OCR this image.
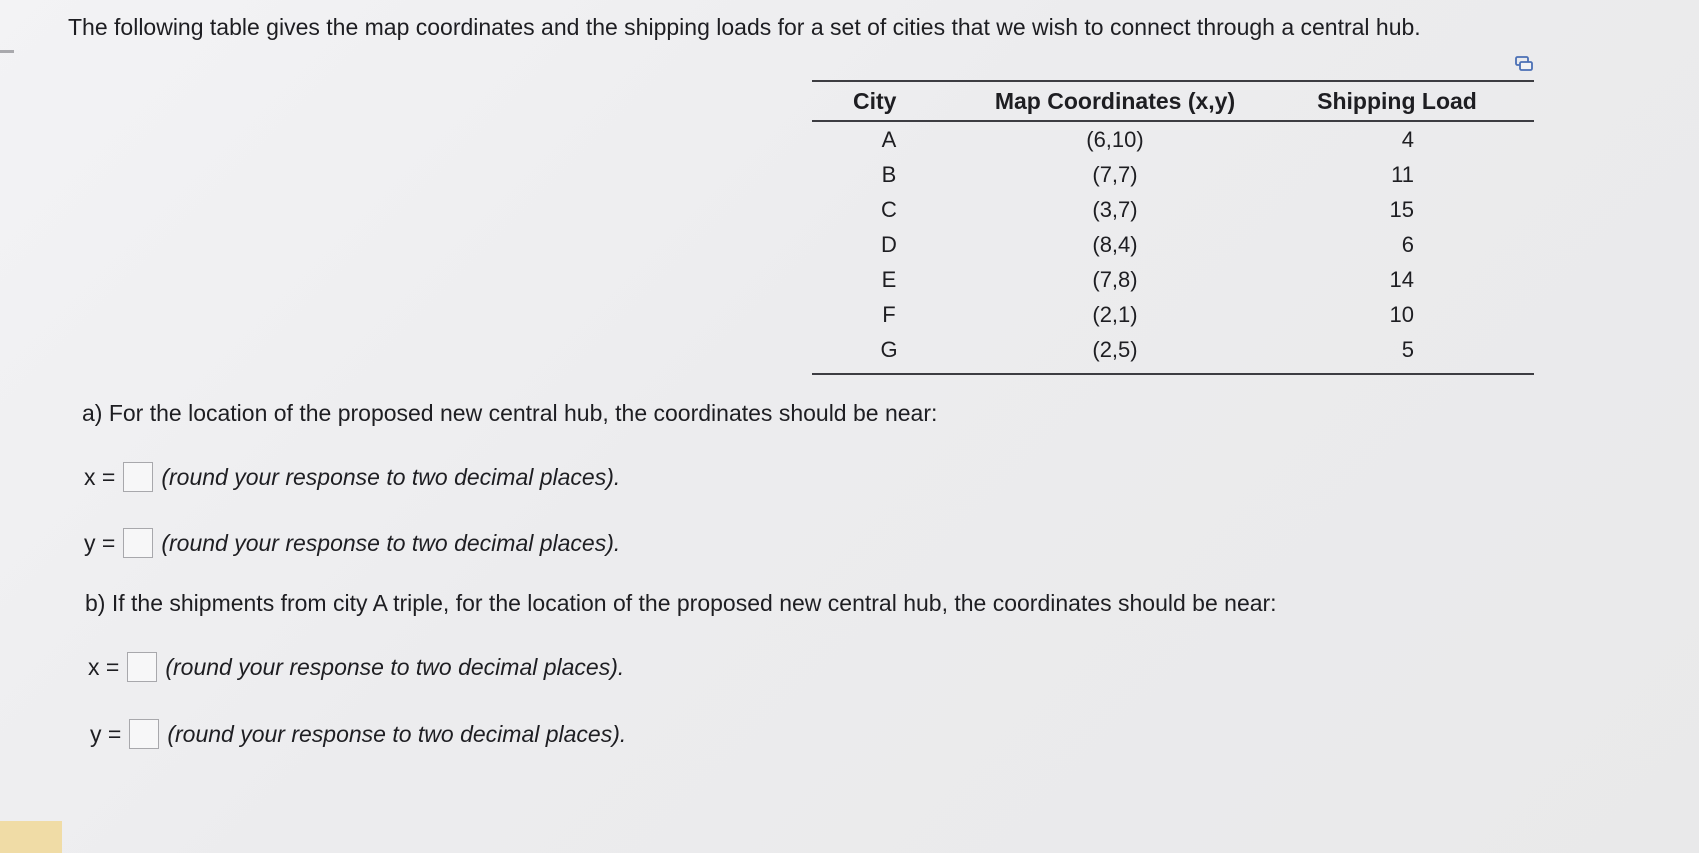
The following table gives the map coordinates and the shipping loads for a set of cities that we wish to connect through a central hub.
City	Map Coordinates (x,y)	Shipping Load
A	(6,10)	4
B	(7,7)	11
C	(3,7)	15
D	(8,4)	6
E	(7,8)	14
F	(2,1)	10
G	(2,5)	5
a) For the location of the proposed new central hub, the coordinates should be near:
x = (round your response to two decimal places).
y = (round your response to two decimal places).
b) If the shipments from city A triple, for the location of the proposed new central hub, the coordinates should be near:
x = (round your response to two decimal places).
y = (round your response to two decimal places).
